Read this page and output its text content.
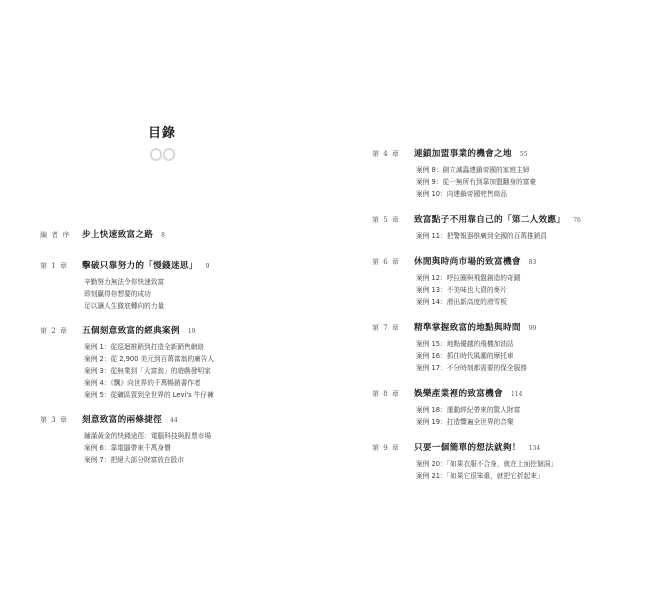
目錄
編 者 序	步上快速致富之路 8
第 1 章	擊破只靠努力的「慢錢迷思」 9
辛勤努力無法令你快速致富
即刻贏得你想要的成功
足以讓人生徹底轉向的力量
第 2 章	五個刻意致富的經典案例 19
案例 1：從巡迴推銷到打造全新銷售網絡
案例 2：從 2,900 美元到百萬富翁的廣告人
案例 3：從無業到「大富翁」的遊戲發明家
案例 4：《飄》向世界的千萬暢銷書作者
案例 5：從礦區賣到全世界的 Levi's 牛仔褲
第 3 章	刻意致富的兩條捷徑 44
鋪滿黃金的快錢途徑：電腦科技與股票市場
案例 6：靠電腦帶來千萬身價
案例 7：把絕大部分財富放在股市
第 4 章	連鎖加盟事業的機會之地 55
案例 8：創立滅蟲連鎖帝國的家庭主婦
案例 9：從一無所有到靠加盟翻身的富豪
案例 10：向連鎖帝國兜售商品
第 5 章	致富點子不用靠自己的「第二人效應」 76
案例 11：把警報器推廣到全國的百萬推銷員
第 6 章	休閒與時尚市場的致富機會 83
案例 12：呼拉圈與飛盤創造的奇蹟
案例 13：不美味也大賣的麥片
案例 14：滑出新高度的滑雪板
第 7 章	精準掌握致富的地點與時間 99
案例 15：地點優越的飛機加油站
案例 16：抓住時代風潮的摩托車
案例 17：不分時刻都需要的保全服務
第 8 章	娛樂產業裡的致富機會 114
案例 18：運動經紀帶來的驚人財富
案例 19：打造響遍全世界的音樂
第 9 章	只要一個簡單的想法就夠！ 134
案例 20：「如果衣服不合身，就在上面挖個洞」
案例 21：「如果它很笨重，就把它折起來」
